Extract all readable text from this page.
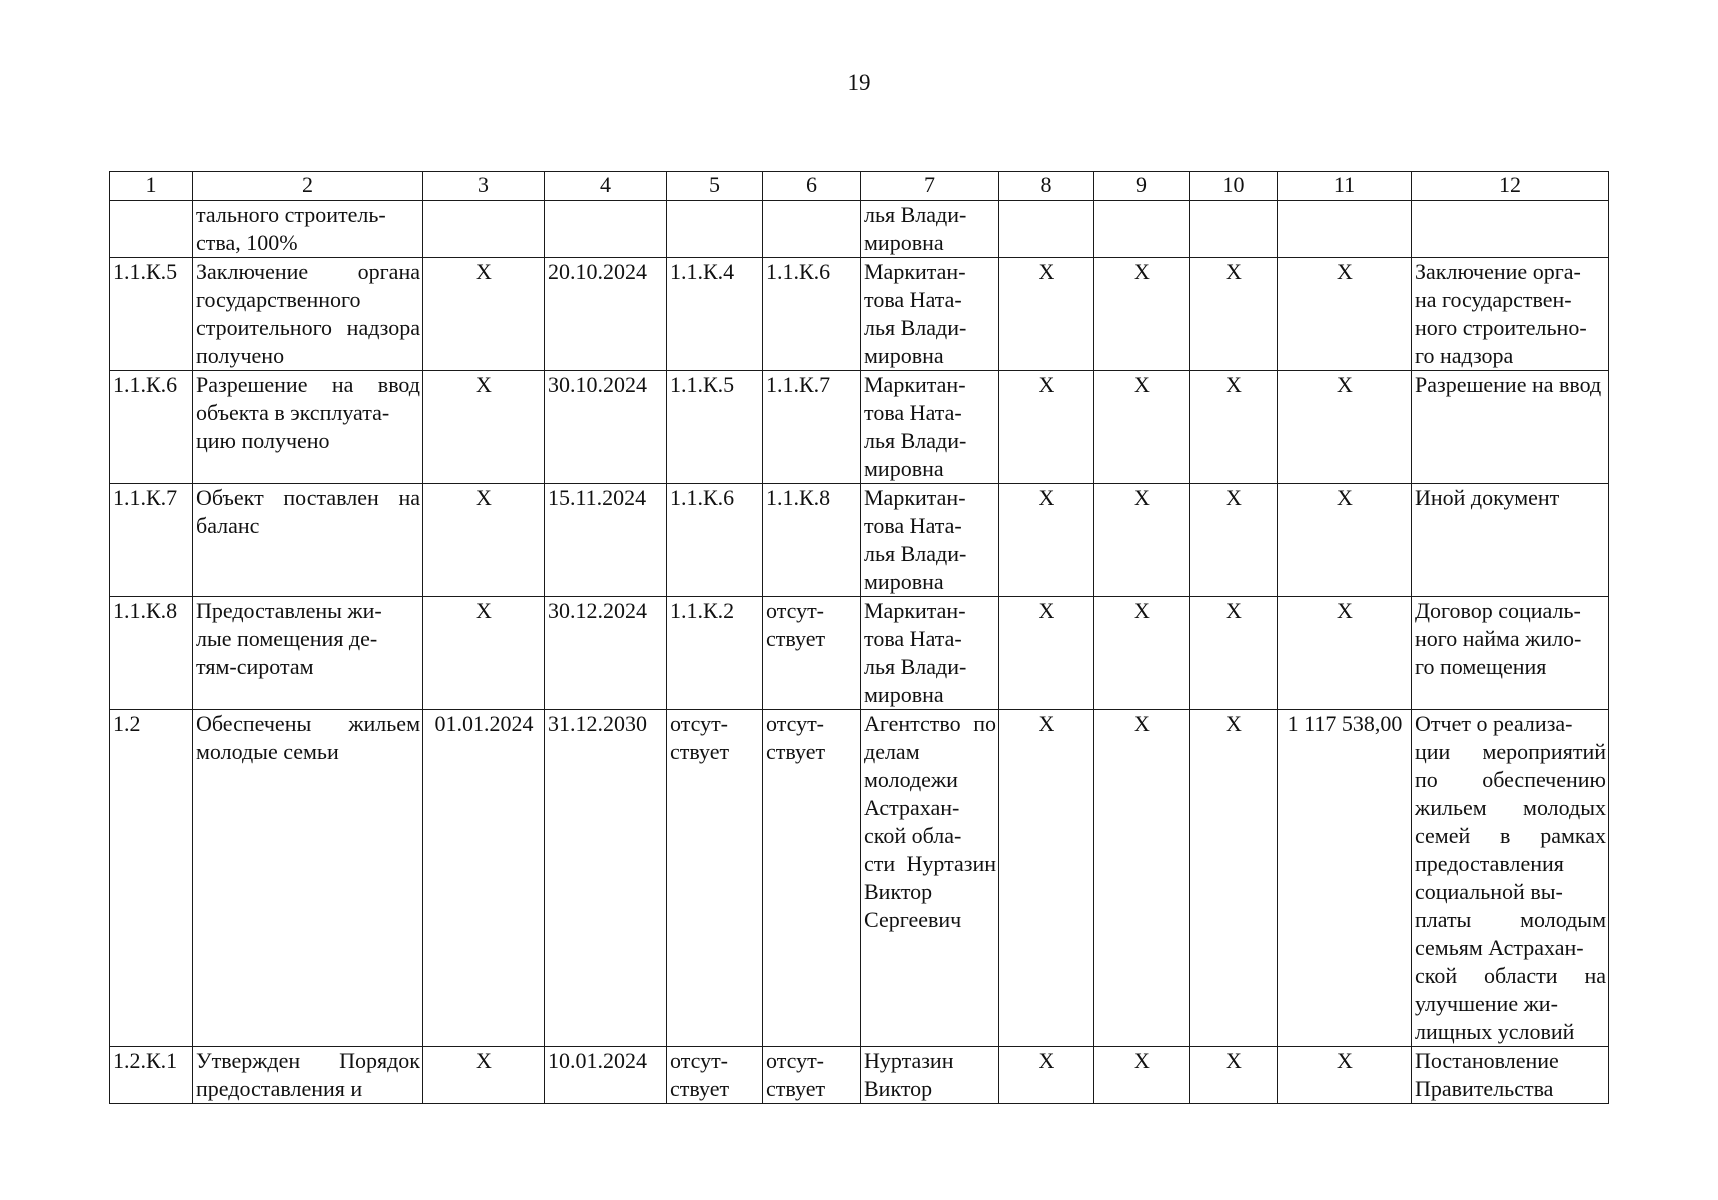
19
1	2	3	4	5	6	7	8	9	10	11	12
	тального строитель-
ства, 100%					лья Влади-
мировна					
1.1.К.5	Заключение органа государственного строительного надзора получено	Х	20.10.2024	1.1.К.4	1.1.К.6	Маркитан-
това Ната-
лья Влади-
мировна	Х	Х	Х	Х	Заключение орга-
на государствен-
ного строительно-
го надзора
1.1.К.6	Разрешение на ввод объекта в эксплуата-
цию получено	Х	30.10.2024	1.1.К.5	1.1.К.7	Маркитан-
това Ната-
лья Влади-
мировна	Х	Х	Х	Х	Разрешение на ввод
1.1.К.7	Объект поставлен на баланс	Х	15.11.2024	1.1.К.6	1.1.К.8	Маркитан-
това Ната-
лья Влади-
мировна	Х	Х	Х	Х	Иной документ
1.1.К.8	Предоставлены жи-
лые помещения де-
тям-сиротам	Х	30.12.2024	1.1.К.2	отсут-
ствует	Маркитан-
това Ната-
лья Влади-
мировна	Х	Х	Х	Х	Договор социаль-
ного найма жило-
го помещения
1.2	Обеспечены жильем молодые семьи	01.01.2024	31.12.2030	отсут-
ствует	отсут-
ствует	Агентство по делам молодежи Астрахан-
ской обла-
сти Нуртазин Виктор Сергеевич	Х	Х	Х	1 117 538,00	Отчет о реализа-
ции мероприятий по обеспечению жильем молодых семей в рамках предоставления социальной вы-
платы молодым семьям Астрахан-
ской области на улучшение жи-
лищных условий
1.2.К.1	Утвержден Порядок предоставления и	Х	10.01.2024	отсут-
ствует	отсут-
ствует	Нуртазин Виктор	Х	Х	Х	Х	Постановление Правительства
